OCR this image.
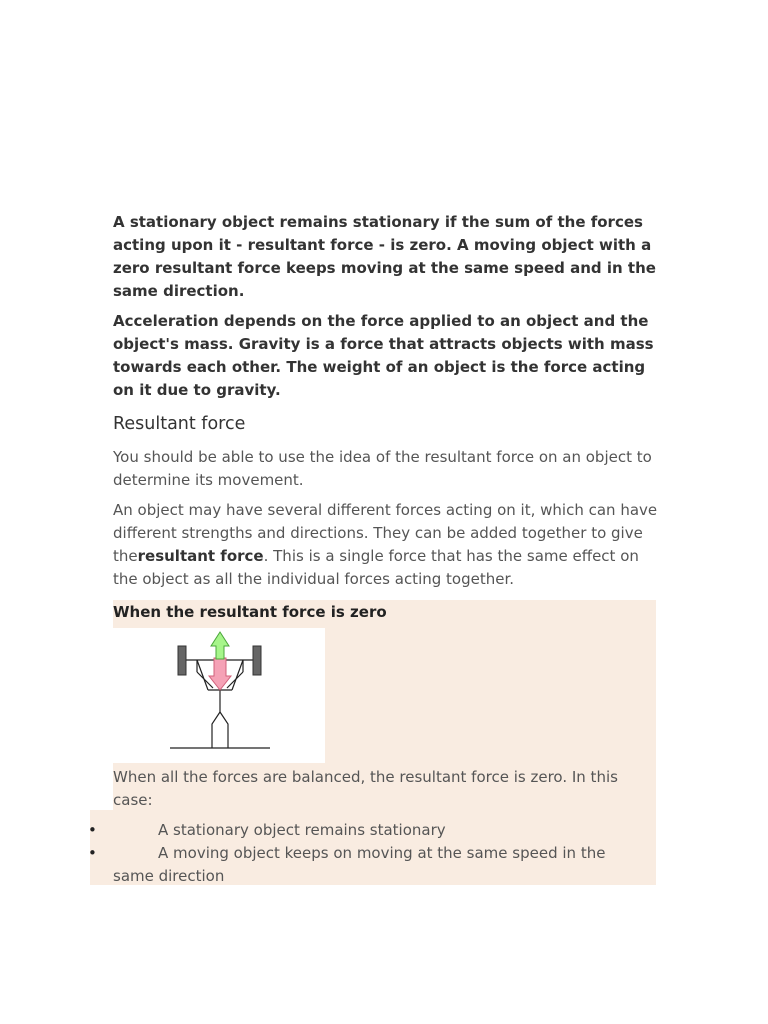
A stationary object remains stationary if the sum of the forces acting upon it - resultant force - is zero. A moving object with a zero resultant force keeps moving at the same speed and in the same direction.

Acceleration depends on the force applied to an object and the object's mass. Gravity is a force that attracts objects with mass towards each other. The weight of an object is the force acting on it due to gravity.

Resultant force

You should be able to use the idea of the resultant force on an object to determine its movement.

An object may have several different forces acting on it, which can have different strengths and directions. They can be added together to give theresultant force. This is a single force that has the same effect on the object as all the individual forces acting together.

When the resultant force is zero
When all the forces are balanced, the resultant force is zero. In this case:
•	A stationary object remains stationary
•	A moving object keeps on moving at the same speed in the same direction
